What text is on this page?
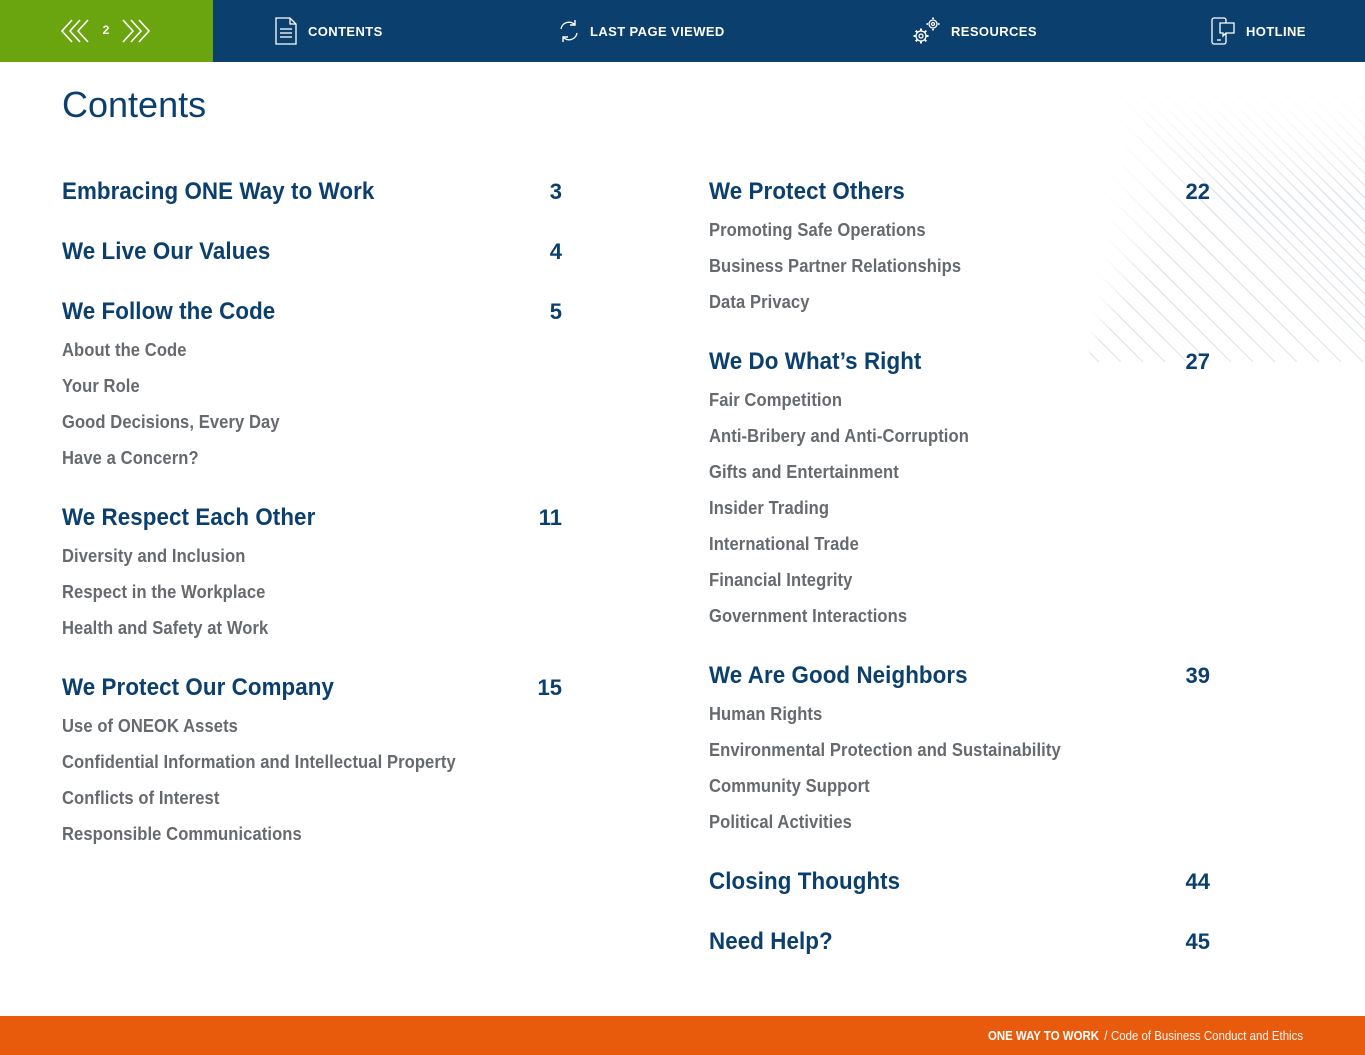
2	CONTENTS	LAST PAGE VIEWED	RESOURCES	HOTLINE
Contents
Embracing ONE Way to Work	3
We Live Our Values	4
We Follow the Code	5
About the Code
Your Role
Good Decisions, Every Day
Have a Concern?
We Respect Each Other	11
Diversity and Inclusion
Respect in the Workplace
Health and Safety at Work
We Protect Our Company	15
Use of ONEOK Assets
Confidential Information and Intellectual Property
Conflicts of Interest
Responsible Communications
We Protect Others	22
Promoting Safe Operations
Business Partner Relationships
Data Privacy
We Do What’s Right	27
Fair Competition
Anti-Bribery and Anti-Corruption
Gifts and Entertainment
Insider Trading
International Trade
Financial Integrity
Government Interactions
We Are Good Neighbors	39
Human Rights
Environmental Protection and Sustainability
Community Support
Political Activities
Closing Thoughts	44
Need Help?	45
ONE WAY TO WORK / Code of Business Conduct and Ethics
